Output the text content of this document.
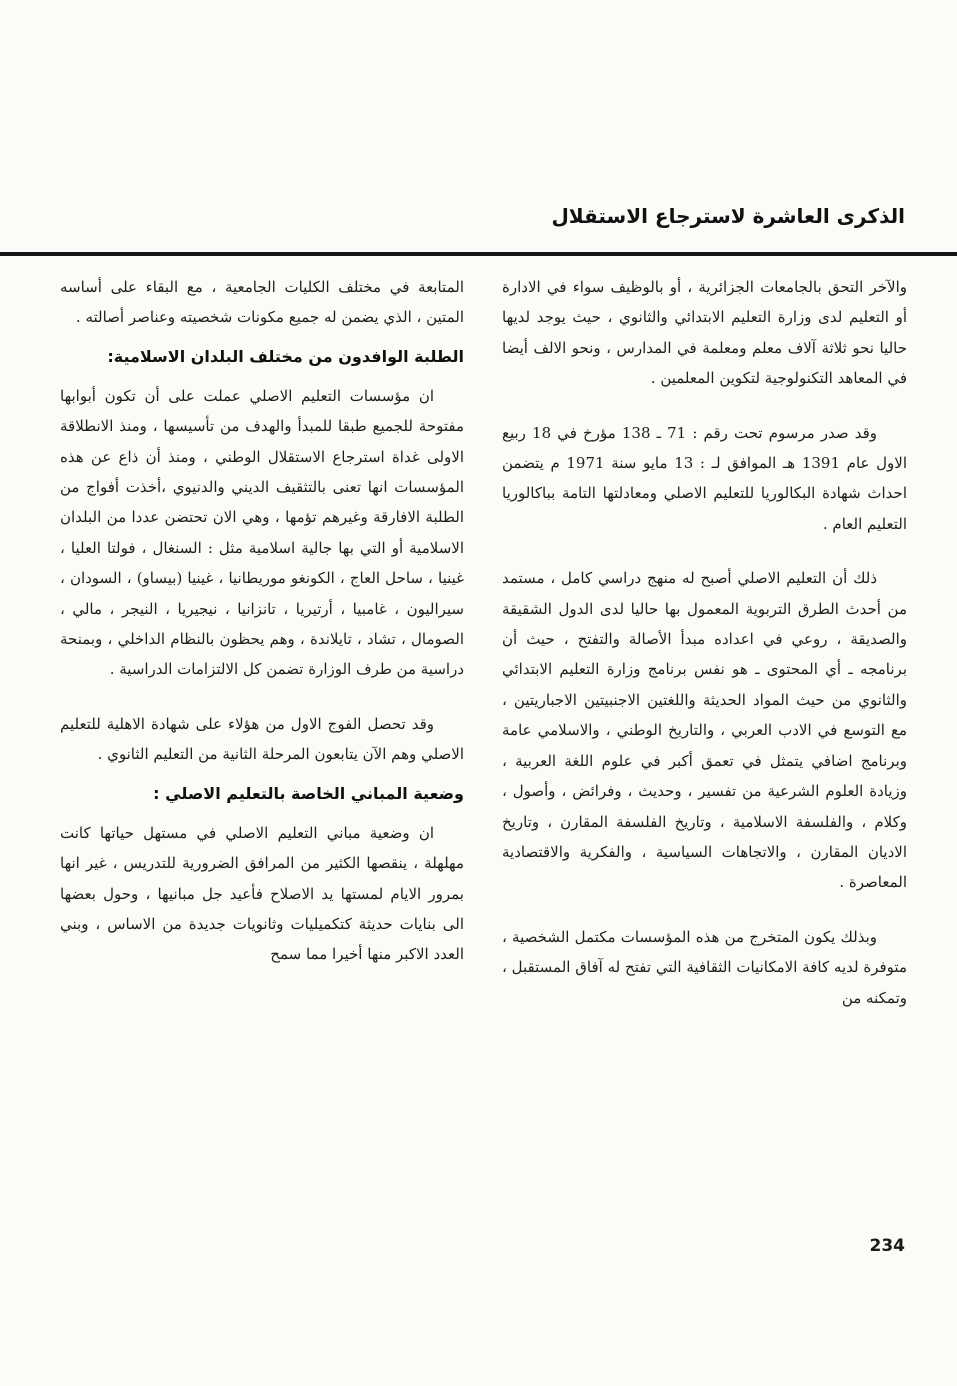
الذكرى العاشرة لاسترجاع الاستقلال

والآخر التحق بالجامعات الجزائرية ، أو بالوظيف سواء في الادارة أو التعليم لدى وزارة التعليم الابتدائي والثانوي ، حيث يوجد لديها حاليا نحو ثلاثة آلاف معلم ومعلمة في المدارس ، ونحو الالف أيضا في المعاهد التكنولوجية لتكوين المعلمين .

وقد صدر مرسوم تحت رقم : 71 ـ 138 مؤرخ في 18 ربيع الاول عام 1391 هـ الموافق لـ : 13 مايو سنة 1971 م يتضمن احداث شهادة البكالوريا للتعليم الاصلي ومعادلتها التامة بباكالوريا التعليم العام .

ذلك أن التعليم الاصلي أصبح له منهج دراسي كامل ، مستمد من أحدث الطرق التربوية المعمول بها حاليا لدى الدول الشقيقة والصديقة ، روعي في اعداده مبدأ الأصالة والتفتح ، حيث أن برنامجه ـ أي المحتوى ـ هو نفس برنامج وزارة التعليم الابتدائي والثانوي من حيث المواد الحديثة واللغتين الاجنبيتين الاجباريتين ، مع التوسع في الادب العربي ، والتاريخ الوطني ، والاسلامي عامة وبرنامج اضافي يتمثل في تعمق أكبر في علوم اللغة العربية ، وزيادة العلوم الشرعية من تفسير ، وحديث ، وفرائض ، وأصول ، وكلام ، والفلسفة الاسلامية ، وتاريخ الفلسفة المقارن ، وتاريخ الاديان المقارن ، والاتجاهات السياسية ، والفكرية والاقتصادية المعاصرة .

وبذلك يكون المتخرج من هذه المؤسسات مكتمل الشخصية ، متوفرة لديه كافة الامكانيات الثقافية التي تفتح له آفاق المستقبل ، وتمكنه من

المتابعة في مختلف الكليات الجامعية ، مع البقاء على أساسه المتين ، الذي يضمن له جميع مكونات شخصيته وعناصر أصالته .

الطلبة الوافدون من مختلف البلدان الاسلامية:

ان مؤسسات التعليم الاصلي عملت على أن تكون أبوابها مفتوحة للجميع طبقا للمبدأ والهدف من تأسيسها ، ومنذ الانطلاقة الاولى غداة استرجاع الاستقلال الوطني ، ومنذ أن ذاع عن هذه المؤسسات انها تعنى بالتثقيف الديني والدنيوي ،أخذت أفواج من الطلبة الافارقة وغيرهم تؤمها ، وهي الان تحتضن عددا من البلدان الاسلامية أو التي بها جالية اسلامية مثل : السنغال ، فولتا العليا ، غينيا ، ساحل العاج ، الكونغو موريطانيا ، غينيا (بيساو) ، السودان ، سيراليون ، غامبيا ، أرتيريا ، تانزانيا ، نيجيريا ، النيجر ، مالي ، الصومال ، تشاد ، تايلاندة ، وهم يحظون بالنظام الداخلي ، وبمنحة دراسية من طرف الوزارة تضمن كل الالتزامات الدراسية .

وقد تحصل الفوج الاول من هؤلاء على شهادة الاهلية للتعليم الاصلي وهم الآن يتابعون المرحلة الثانية من التعليم الثانوي .

وضعية المباني الخاصة بالتعليم الاصلي :

ان وضعية مباني التعليم الاصلي في مستهل حياتها كانت مهلهلة ، ينقصها الكثير من المرافق الضرورية للتدريس ، غير انها بمرور الايام لمستها يد الاصلاح فأعيد جل مبانيها ، وحول بعضها الى بنايات حديثة كتكميليات وثانويات جديدة من الاساس ، وبني العدد الاكبر منها أخيرا مما سمح

234
